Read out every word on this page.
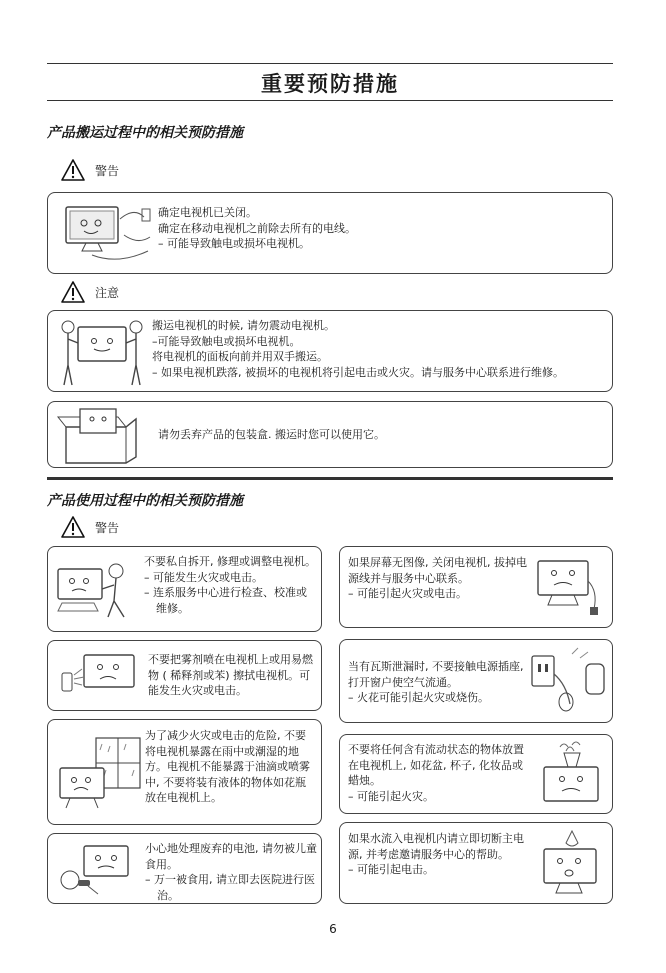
重要预防措施
产品搬运过程中的相关预防措施
警告
确定电视机已关闭。
确定在移动电视机之前除去所有的电线。
– 可能导致触电或损坏电视机。
注意
搬运电视机的时候, 请勿震动电视机。
–可能导致触电或损坏电视机。
将电视机的面板向前并用双手搬运。
– 如果电视机跌落, 被损坏的电视机将引起电击或火灾。请与服务中心联系进行维修。
请勿丢弃产品的包装盒. 搬运时您可以使用它。
产品使用过程中的相关预防措施
警告
不要私自拆开, 修理或调整电视机。
– 可能发生火灾或电击。
– 连系服务中心进行检查、校准或维修。
不要把雾剂喷在电视机上或用易燃物 ( 稀释剂或苯) 擦拭电视机。可能发生火灾或电击。
为了减少火灾或电击的危险, 不要将电视机暴露在雨中或潮湿的地方。电视机不能暴露于油滴或喷雾中, 不要将装有液体的物体如花瓶放在电视机上。
小心地处理废弃的电池, 请勿被儿童食用。
– 万一被食用, 请立即去医院进行医治。
如果屏幕无图像, 关闭电视机, 拔掉电源线并与服务中心联系。
– 可能引起火灾或电击。
当有瓦斯泄漏时, 不要接触电源插座, 打开窗户使空气流通。
– 火花可能引起火灾或烧伤。
不要将任何含有流动状态的物体放置在电视机上, 如花盆, 杯子, 化妆品或蜡烛。
– 可能引起火灾。
如果水流入电视机内请立即切断主电源, 并考虑邀请服务中心的帮助。
– 可能引起电击。
6
